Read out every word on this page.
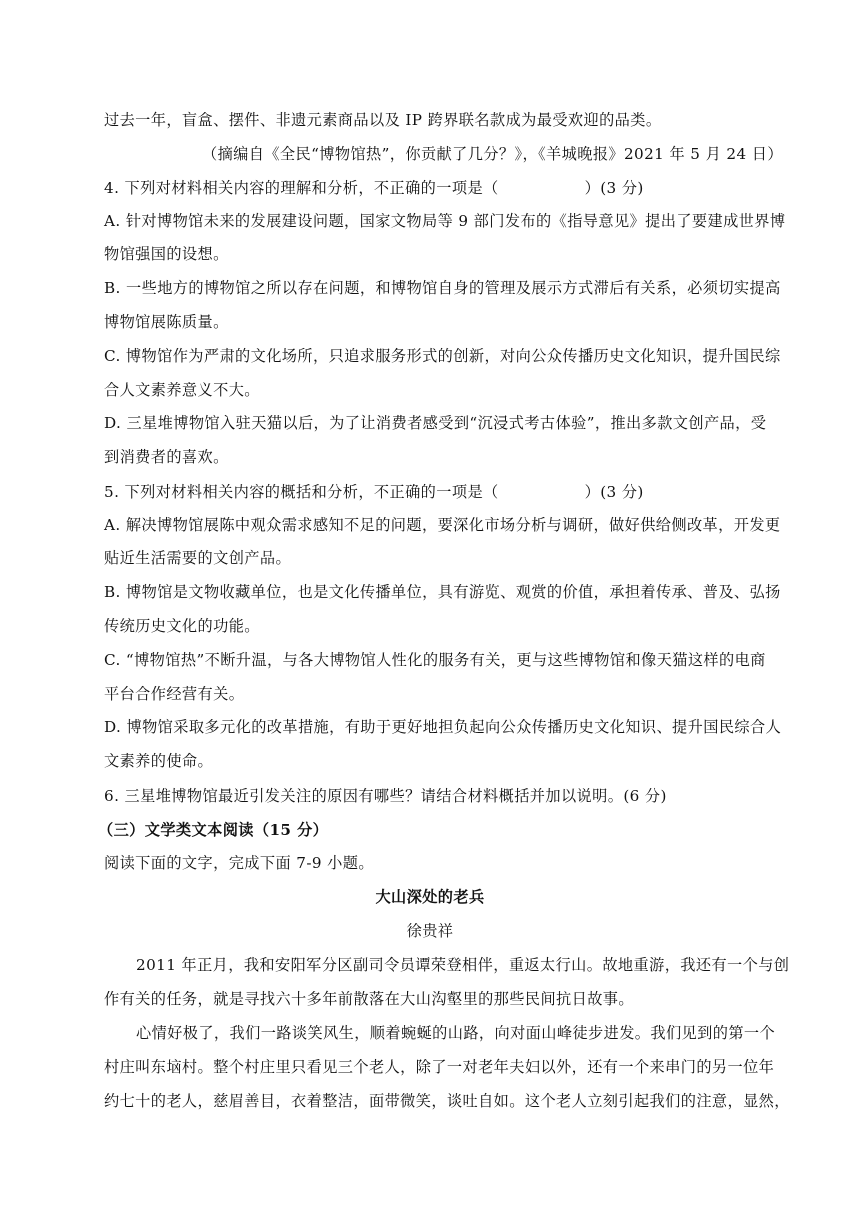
过去一年，盲盒、摆件、非遗元素商品以及 IP 跨界联名款成为最受欢迎的品类。
（摘编自《全民“博物馆热”，你贡献了几分？》，《羊城晚报》2021 年 5 月 24 日）
4. 下列对材料相关内容的理解和分析，不正确的一项是（	）(3 分)
A. 针对博物馆未来的发展建设问题，国家文物局等 9 部门发布的《指导意见》提出了要建成世界博
物馆强国的设想。
B. 一些地方的博物馆之所以存在问题，和博物馆自身的管理及展示方式滞后有关系，必须切实提高
博物馆展陈质量。
C. 博物馆作为严肃的文化场所，只追求服务形式的创新，对向公众传播历史文化知识，提升国民综
合人文素养意义不大。
D. 三星堆博物馆入驻天猫以后，为了让消费者感受到“沉浸式考古体验”，推出多款文创产品，受
到消费者的喜欢。
5. 下列对材料相关内容的概括和分析，不正确的一项是（	）(3 分)
A. 解决博物馆展陈中观众需求感知不足的问题，要深化市场分析与调研，做好供给侧改革，开发更
贴近生活需要的文创产品。
B. 博物馆是文物收藏单位，也是文化传播单位，具有游览、观赏的价值，承担着传承、普及、弘扬
传统历史文化的功能。
C. “博物馆热”不断升温，与各大博物馆人性化的服务有关，更与这些博物馆和像天猫这样的电商
平台合作经营有关。
D. 博物馆采取多元化的改革措施，有助于更好地担负起向公众传播历史文化知识、提升国民综合人
文素养的使命。
6. 三星堆博物馆最近引发关注的原因有哪些？请结合材料概括并加以说明。(6 分)
（三）文学类文本阅读（15 分）
阅读下面的文字，完成下面 7-9 小题。
大山深处的老兵
徐贵祥
2011 年正月，我和安阳军分区副司令员谭荣登相伴，重返太行山。故地重游，我还有一个与创
作有关的任务，就是寻找六十多年前散落在大山沟壑里的那些民间抗日故事。
心情好极了，我们一路谈笑风生，顺着蜿蜒的山路，向对面山峰徒步进发。我们见到的第一个
村庄叫东垴村。整个村庄里只看见三个老人，除了一对老年夫妇以外，还有一个来串门的另一位年
约七十的老人，慈眉善目，衣着整洁，面带微笑，谈吐自如。这个老人立刻引起我们的注意，显然，
